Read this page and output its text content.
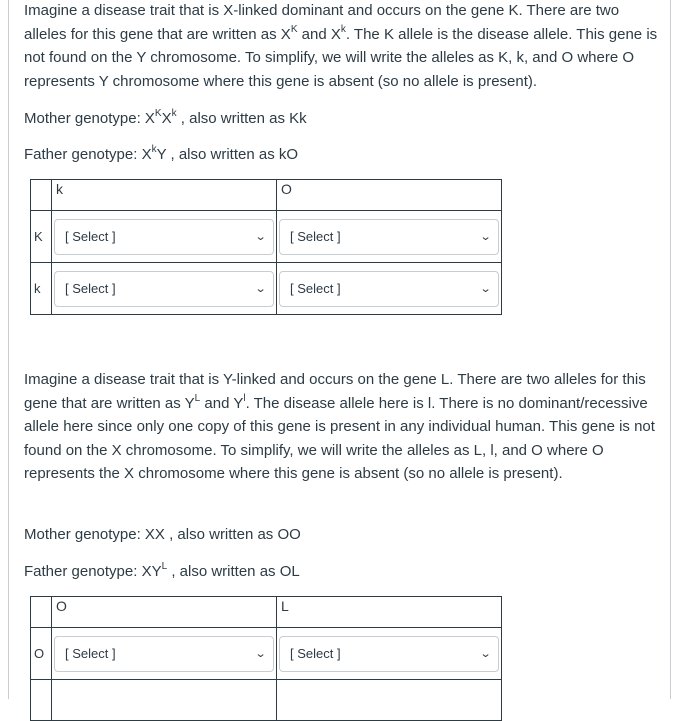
Imagine a disease trait that is X-linked dominant and occurs on the gene K. There are two alleles for this gene that are written as $X^K$ and $X^k$. The K allele is the disease allele. This gene is not found on the Y chromosome. To simplify, we will write the alleles as K, k, and O where O represents Y chromosome where this gene is absent (so no allele is present).

Mother genotype: $X^KX^k$ , also written as Kk
Father genotype: $X^kY$ , also written as kO

	k	O

K	[ Select ] ⌄	[ Select ] ⌄

k	[ Select ] ⌄	[ Select ] ⌄

Imagine a disease trait that is Y-linked and occurs on the gene L. There are two alleles for this gene that are written as $Y^L$ and $Y^l$. The disease allele here is l. There is no dominant/recessive allele here since only one copy of this gene is present in any individual human. This gene is not found on the X chromosome. To simplify, we will write the alleles as L, l, and O where O represents the X chromosome where this gene is absent (so no allele is present).

Mother genotype: XX , also written as OO
Father genotype: $XY^L$ , also written as OL

	O	L

O	[ Select ] ⌄	[ Select ] ⌄
